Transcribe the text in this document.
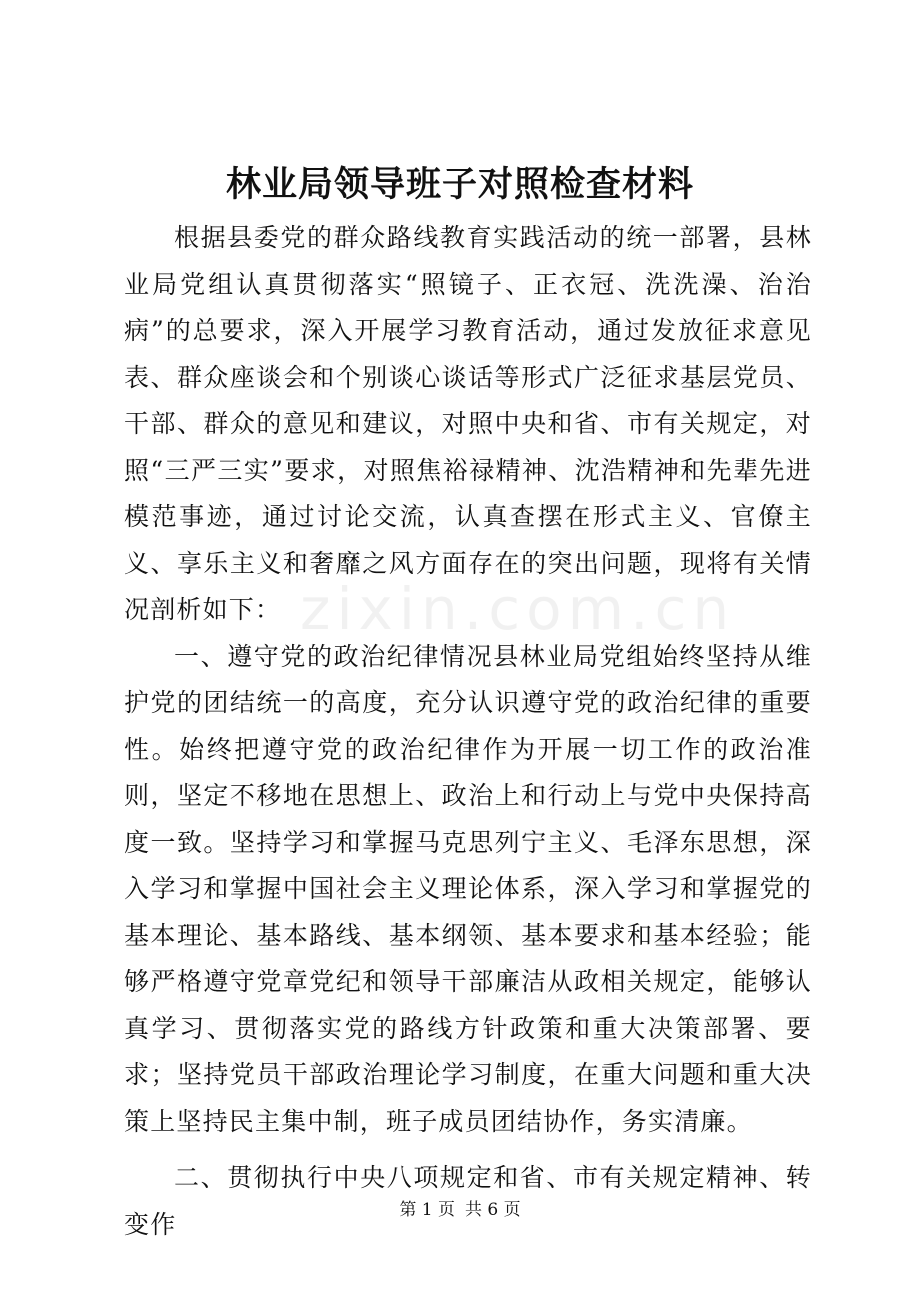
zixin.com.cn
林业局领导班子对照检查材料

根据县委党的群众路线教育实践活动的统一部署，县林业局党组认真贯彻落实“照镜子、正衣冠、洗洗澡、治治病”的总要求，深入开展学习教育活动，通过发放征求意见表、群众座谈会和个别谈心谈话等形式广泛征求基层党员、干部、群众的意见和建议，对照中央和省、市有关规定，对照“三严三实”要求，对照焦裕禄精神、沈浩精神和先辈先进模范事迹，通过讨论交流，认真查摆在形式主义、官僚主义、享乐主义和奢靡之风方面存在的突出问题，现将有关情况剖析如下：

一、遵守党的政治纪律情况县林业局党组始终坚持从维护党的团结统一的高度，充分认识遵守党的政治纪律的重要性。始终把遵守党的政治纪律作为开展一切工作的政治准则，坚定不移地在思想上、政治上和行动上与党中央保持高度一致。坚持学习和掌握马克思列宁主义、毛泽东思想，深入学习和掌握中国社会主义理论体系，深入学习和掌握党的基本理论、基本路线、基本纲领、基本要求和基本经验；能够严格遵守党章党纪和领导干部廉洁从政相关规定，能够认真学习、贯彻落实党的路线方针政策和重大决策部署、要求；坚持党员干部政治理论学习制度，在重大问题和重大决策上坚持民主集中制，班子成员团结协作，务实清廉。

二、贯彻执行中央八项规定和省、市有关规定精神、转变作	第 1 页 共 6 页
